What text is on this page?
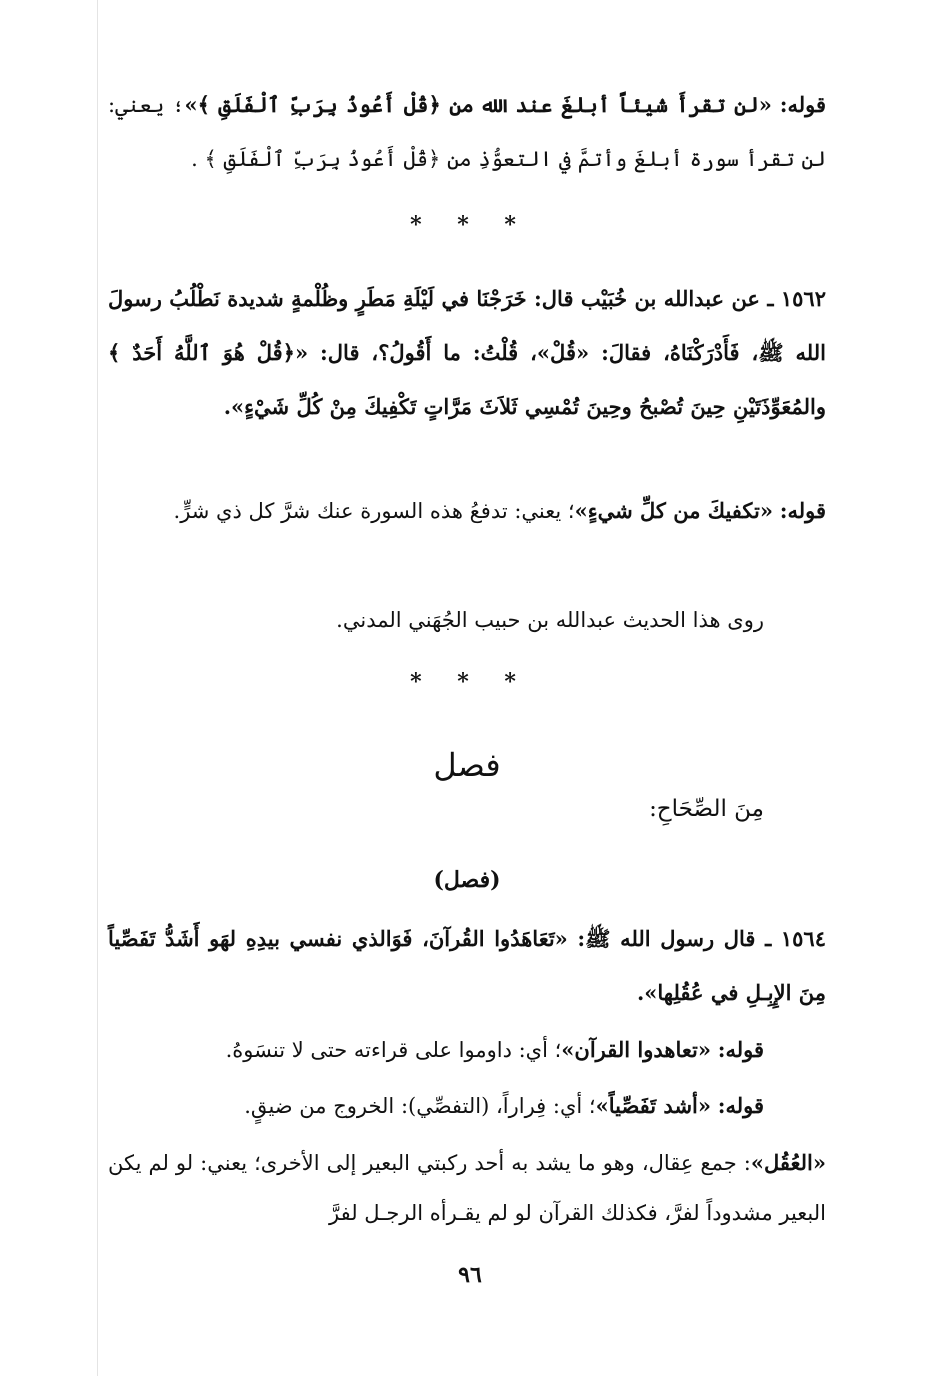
قوله: «لن تقرأَ شيئاً أبلغَ عند الله من ﴿قُلْ أَعُوذُ بِرَبِّ ٱلْفَلَقِ ﴾»؛ يعني: لن تقرأ سورة أبلغَ وأتمَّ في التعوُّذِ من ﴿قُلْ أَعُوذُ بِرَبِّ ٱلْفَلَقِ ﴾ .

* * *

١٥٦٢ ـ عن عبدالله بن خُبَيْب قال: خَرَجْنَا في لَيْلَةِ مَطَرٍ وظُلْمةٍ شديدة نَطْلُبُ رسولَ الله ﷺ، فَأَدْرَكْنَاهُ، فقالَ: «قُلْ»، قُلْتُ: ما أَقُولُ؟، قال: «﴿قُلْ هُوَ ٱللَّهُ أَحَدٌ ﴾ والمُعَوِّذَتَيْنِ حِينَ تُصْبحُ وحِينَ تُمْسِي ثَلاَثَ مَرَّاتٍ تَكْفِيكَ مِنْ كُلِّ شَيْءٍ».

قوله: «تكفيكَ من كلِّ شيءٍ»؛ يعني: تدفعُ هذه السورة عنك شرَّ كل ذي شرٍّ.

روى هذا الحديث عبدالله بن حبيب الجُهَني المدني.

* * *

فصل

مِنَ الصِّحَاحِ:

(فصل)

١٥٦٤ ـ قال رسول الله ﷺ: «تَعَاهَدُوا القُرآنَ، فَوَالذي نفسي بيدِهِ لهَو أَشَدُّ تَفَصِّياً مِنَ الإِبِـلِ في عُقُلِها».

قوله: «تعاهدوا القرآن»؛ أي: داوموا على قراءته حتى لا تنسَوهُ.

قوله: «أشد تَفَصِّياً»؛ أي: فِراراً، (التفصِّي): الخروج من ضيقٍ.

«العُقُل»: جمع عِقال، وهو ما يشد به أحد ركبتي البعير إلى الأخرى؛ يعني: لو لم يكن البعير مشدوداً لفرَّ، فكذلك القرآن لو لم يقـرأه الرجـل لفرَّ

٩٦
